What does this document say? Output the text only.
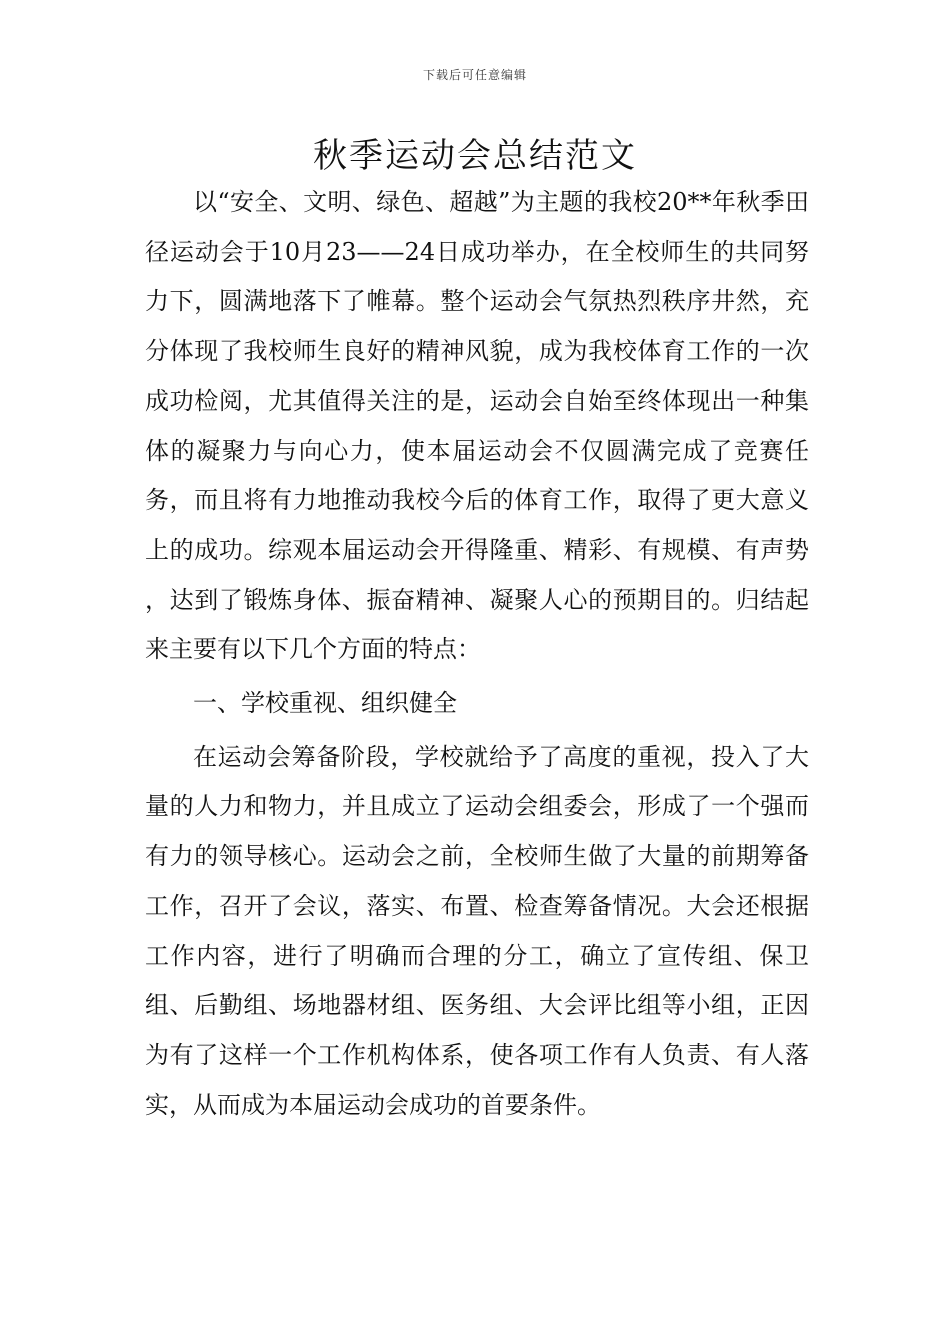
下载后可任意编辑
秋季运动会总结范文

以“安全、文明、绿色、超越”为主题的我校20**年秋季田径运动会于10月23——24日成功举办，在全校师生的共同努力下，圆满地落下了帷幕。整个运动会气氛热烈秩序井然，充分体现了我校师生良好的精神风貌，成为我校体育工作的一次成功检阅，尤其值得关注的是，运动会自始至终体现出一种集体的凝聚力与向心力，使本届运动会不仅圆满完成了竞赛任务，而且将有力地推动我校今后的体育工作，取得了更大意义上的成功。综观本届运动会开得隆重、精彩、有规模、有声势 ，达到了锻炼身体、振奋精神、凝聚人心的预期目的。归结起来主要有以下几个方面的特点：

一、学校重视、组织健全

在运动会筹备阶段，学校就给予了高度的重视，投入了大量的人力和物力，并且成立了运动会组委会，形成了一个强而有力的领导核心。运动会之前，全校师生做了大量的前期筹备工作，召开了会议，落实、布置、检查筹备情况。大会还根据工作内容，进行了明确而合理的分工，确立了宣传组、保卫组、后勤组、场地器材组、医务组、大会评比组等小组，正因为有了这样一个工作机构体系，使各项工作有人负责、有人落实，从而成为本届运动会成功的首要条件。
